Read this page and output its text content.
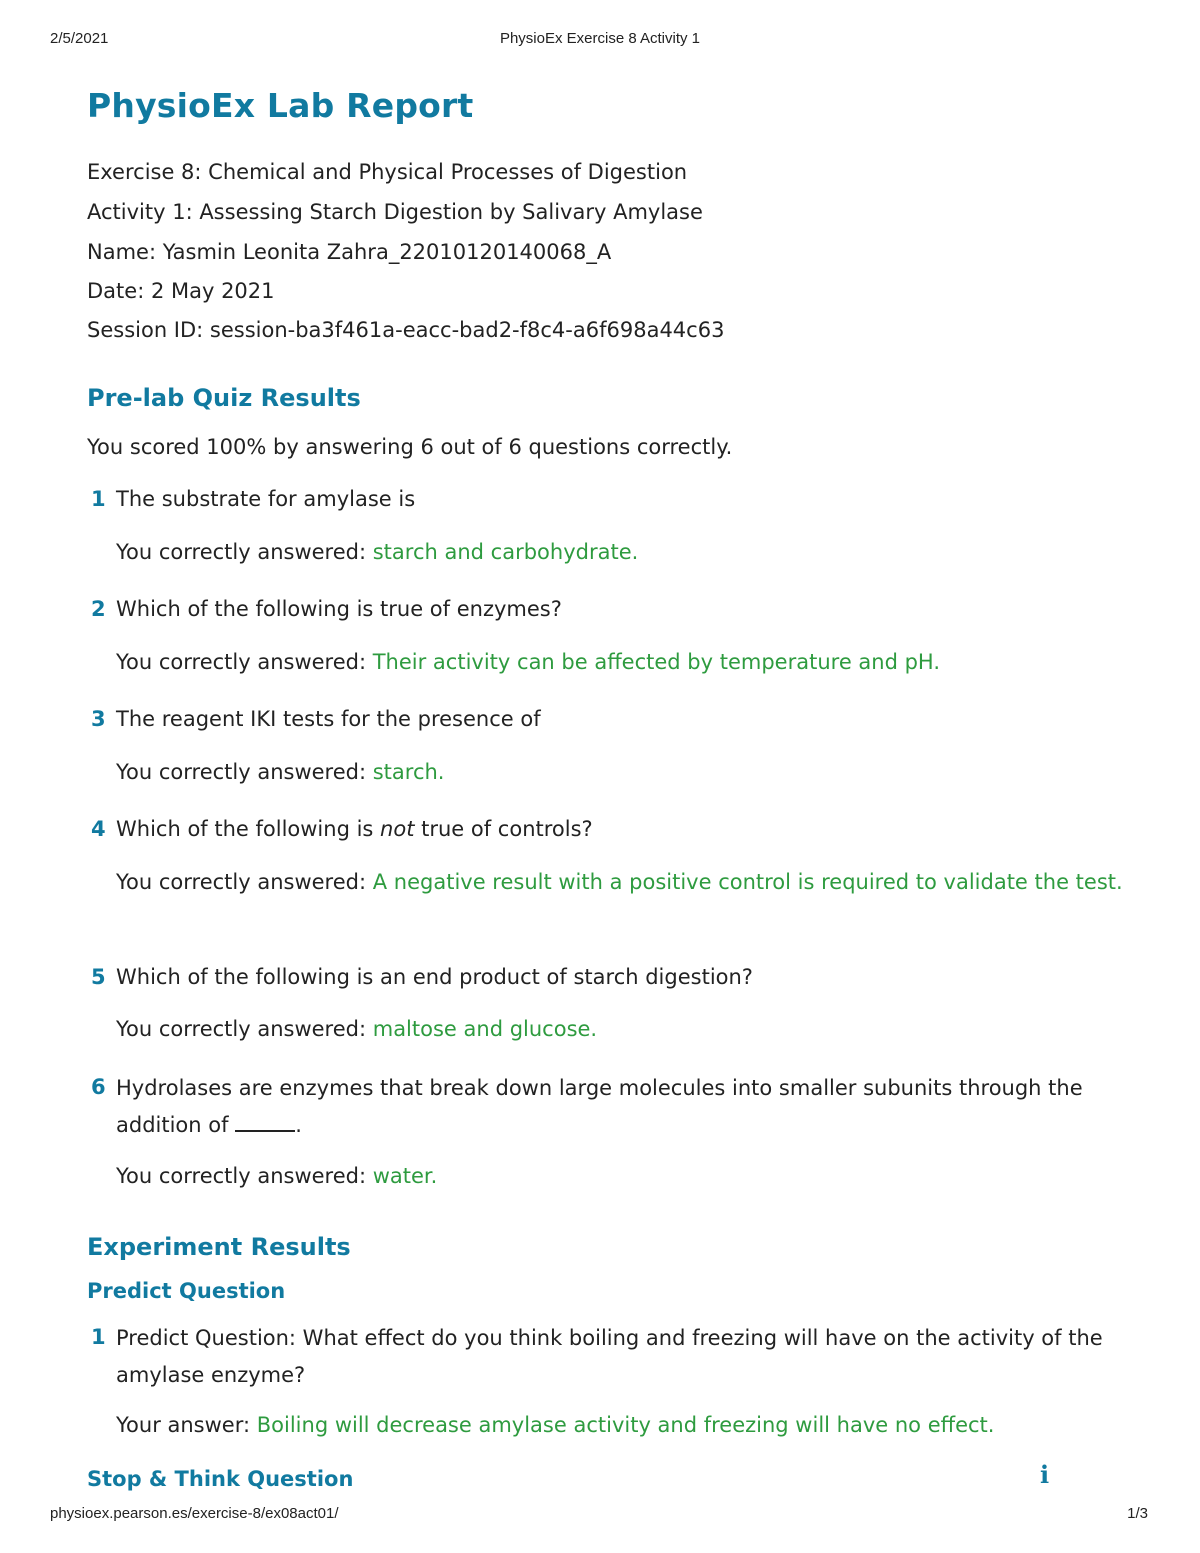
2/5/2021	PhysioEx Exercise 8 Activity 1
PhysioEx Lab Report
Exercise 8: Chemical and Physical Processes of Digestion
Activity 1: Assessing Starch Digestion by Salivary Amylase
Name: Yasmin Leonita Zahra_22010120140068_A
Date: 2 May 2021
Session ID: session-ba3f461a-eacc-bad2-f8c4-a6f698a44c63
Pre-lab Quiz Results
You scored 100% by answering 6 out of 6 questions correctly.
1 The substrate for amylase is
You correctly answered: starch and carbohydrate.
2 Which of the following is true of enzymes?
You correctly answered: Their activity can be affected by temperature and pH.
3 The reagent IKI tests for the presence of
You correctly answered: starch.
4 Which of the following is not true of controls?
You correctly answered: A negative result with a positive control is required to validate the test.
5 Which of the following is an end product of starch digestion?
You correctly answered: maltose and glucose.
6 Hydrolases are enzymes that break down large molecules into smaller subunits through the addition of	.
You correctly answered: water.
Experiment Results
Predict Question
1 Predict Question: What effect do you think boiling and freezing will have on the activity of the amylase enzyme?
Your answer: Boiling will decrease amylase activity and freezing will have no effect.
Stop & Think Question	i
physioex.pearson.es/exercise-8/ex08act01/	1/3
